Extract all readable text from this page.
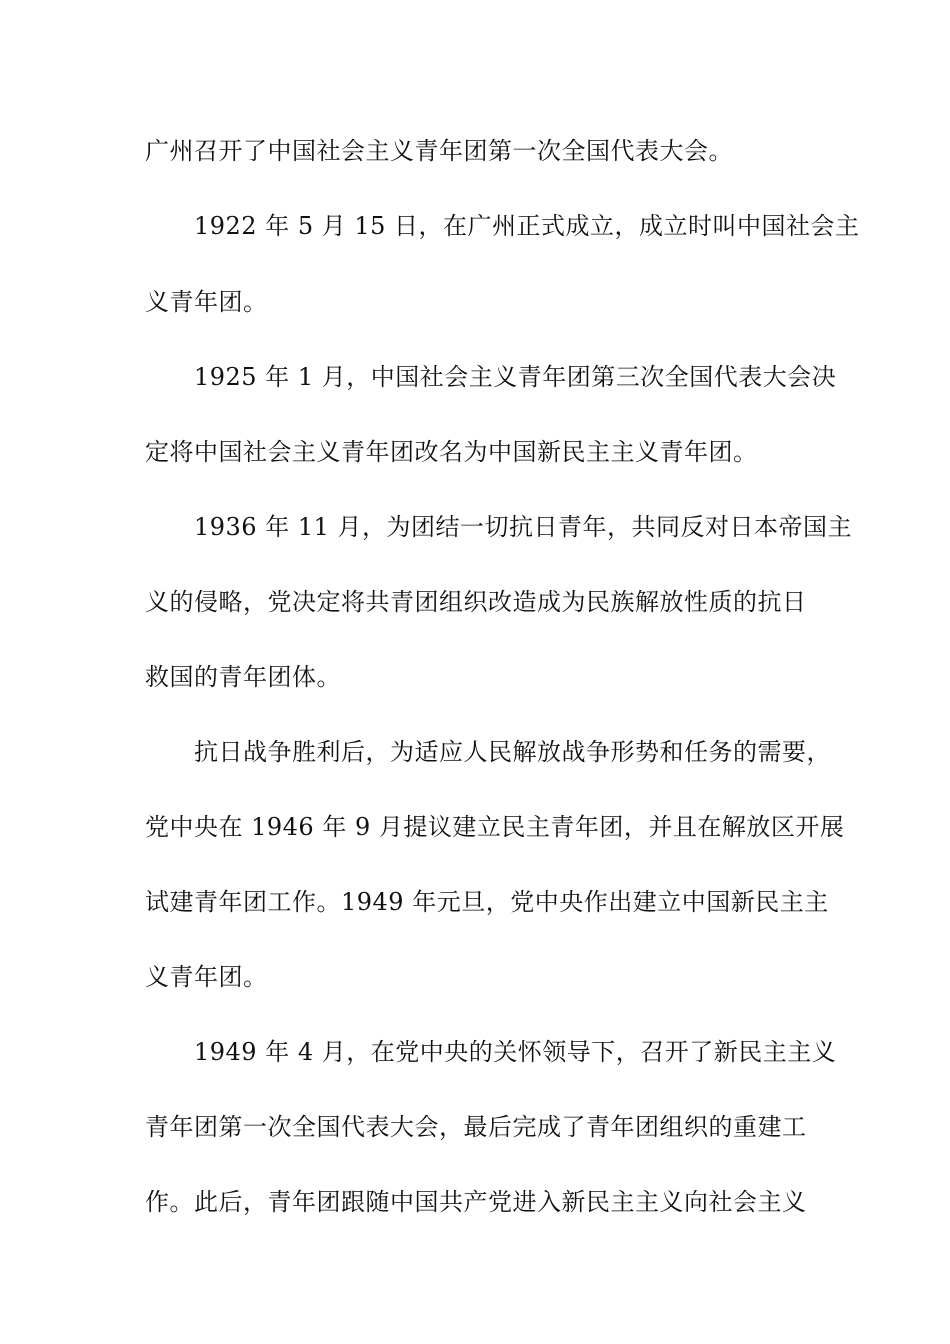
广州召开了中国社会主义青年团第一次全国代表大会。
1922 年 5 月 15 日，在广州正式成立，成立时叫中国社会主
义青年团。
1925 年 1 月，中国社会主义青年团第三次全国代表大会决
定将中国社会主义青年团改名为中国新民主主义青年团。
1936 年 11 月，为团结一切抗日青年，共同反对日本帝国主
义的侵略，党决定将共青团组织改造成为民族解放性质的抗日
救国的青年团体。
抗日战争胜利后，为适应人民解放战争形势和任务的需要，
党中央在 1946 年 9 月提议建立民主青年团，并且在解放区开展
试建青年团工作。1949 年元旦，党中央作出建立中国新民主主
义青年团。
1949 年 4 月，在党中央的关怀领导下，召开了新民主主义
青年团第一次全国代表大会，最后完成了青年团组织的重建工
作。此后，青年团跟随中国共产党进入新民主主义向社会主义
